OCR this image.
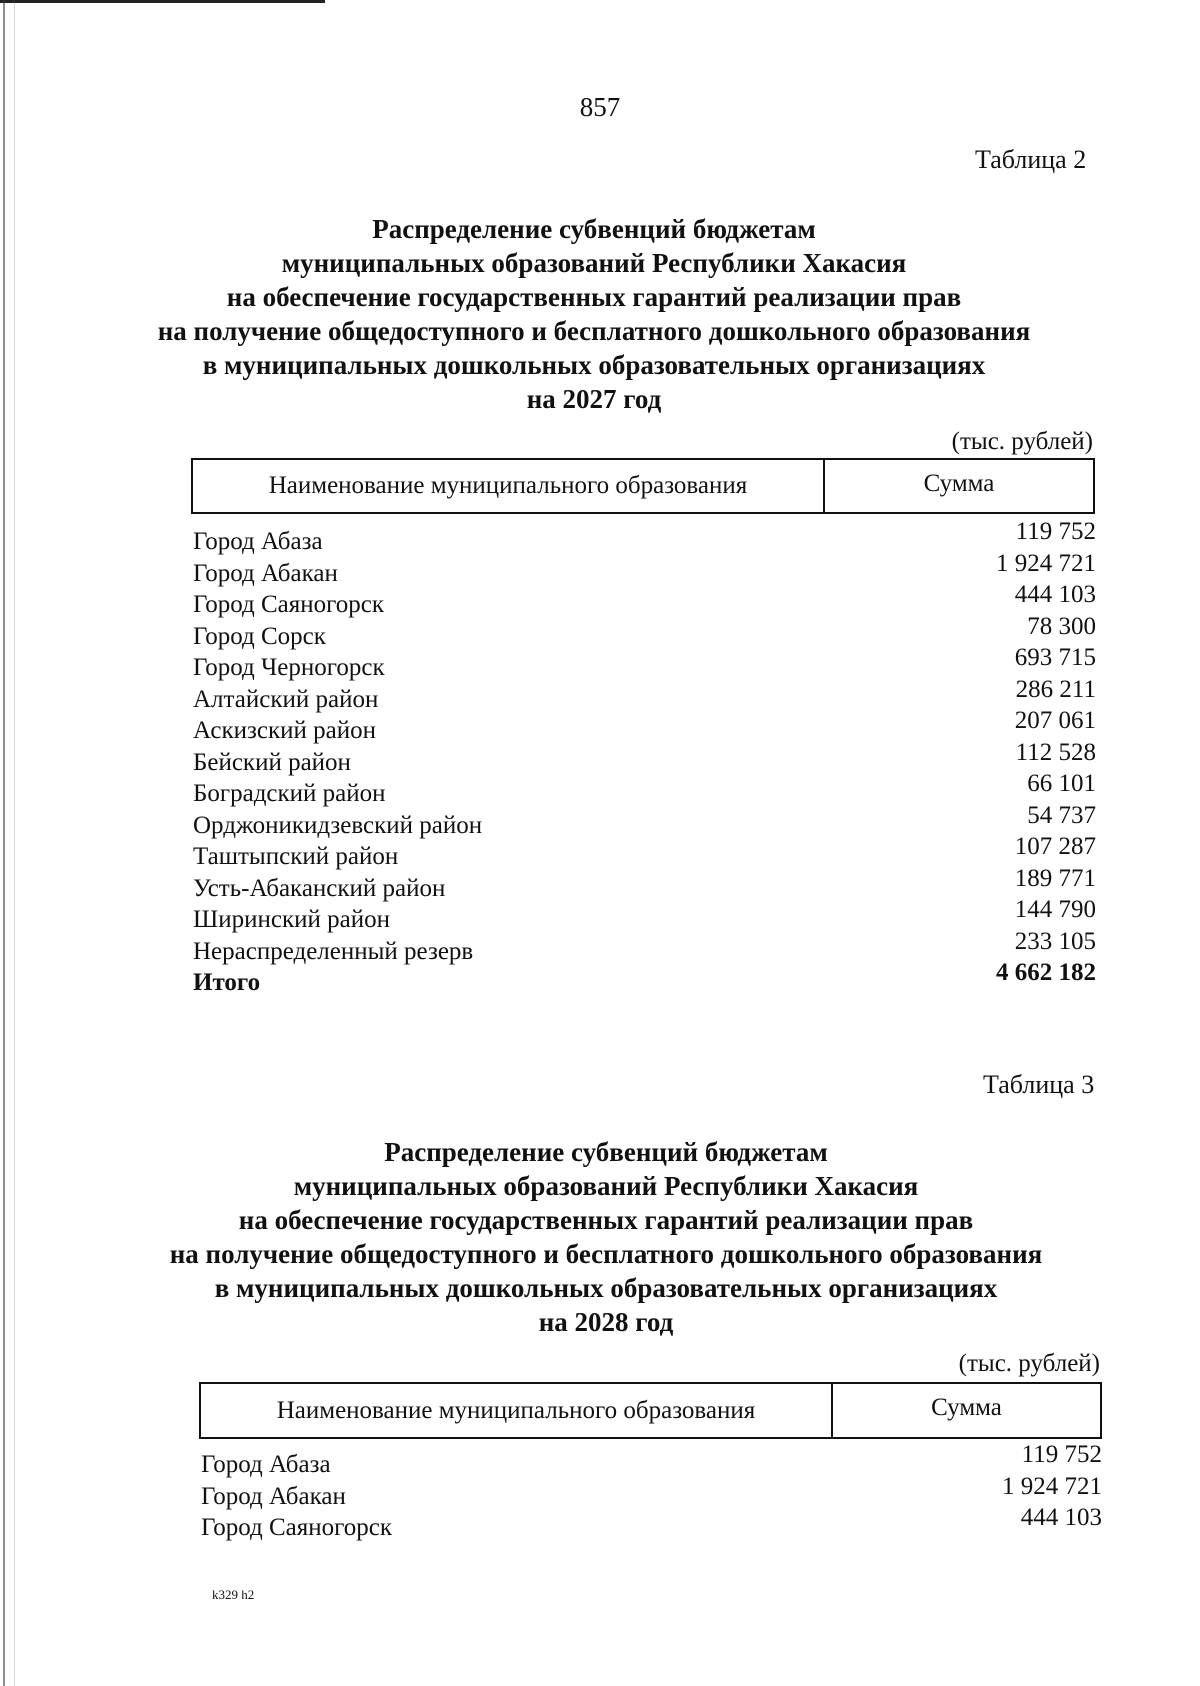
857
Таблица 2
Распределение субвенций бюджетам
муниципальных образований Республики Хакасия
на обеспечение государственных гарантий реализации прав
на получение общедоступного и бесплатного дошкольного образования
в муниципальных дошкольных образовательных организациях
на 2027 год
(тыс. рублей)
Наименование муниципального образования	Сумма
Город Абаза	119 752
Город Абакан	1 924 721
Город Саяногорск	444 103
Город Сорск	78 300
Город Черногорск	693 715
Алтайский район	286 211
Аскизский район	207 061
Бейский район	112 528
Боградский район	66 101
Орджоникидзевский район	54 737
Таштыпский район	107 287
Усть-Абаканский район	189 771
Ширинский район	144 790
Нераспределенный резерв	233 105
Итого	4 662 182
Таблица 3
Распределение субвенций бюджетам
муниципальных образований Республики Хакасия
на обеспечение государственных гарантий реализации прав
на получение общедоступного и бесплатного дошкольного образования
в муниципальных дошкольных образовательных организациях
на 2028 год
(тыс. рублей)
Наименование муниципального образования	Сумма
Город Абаза	119 752
Город Абакан	1 924 721
Город Саяногорск	444 103
k329 h2
